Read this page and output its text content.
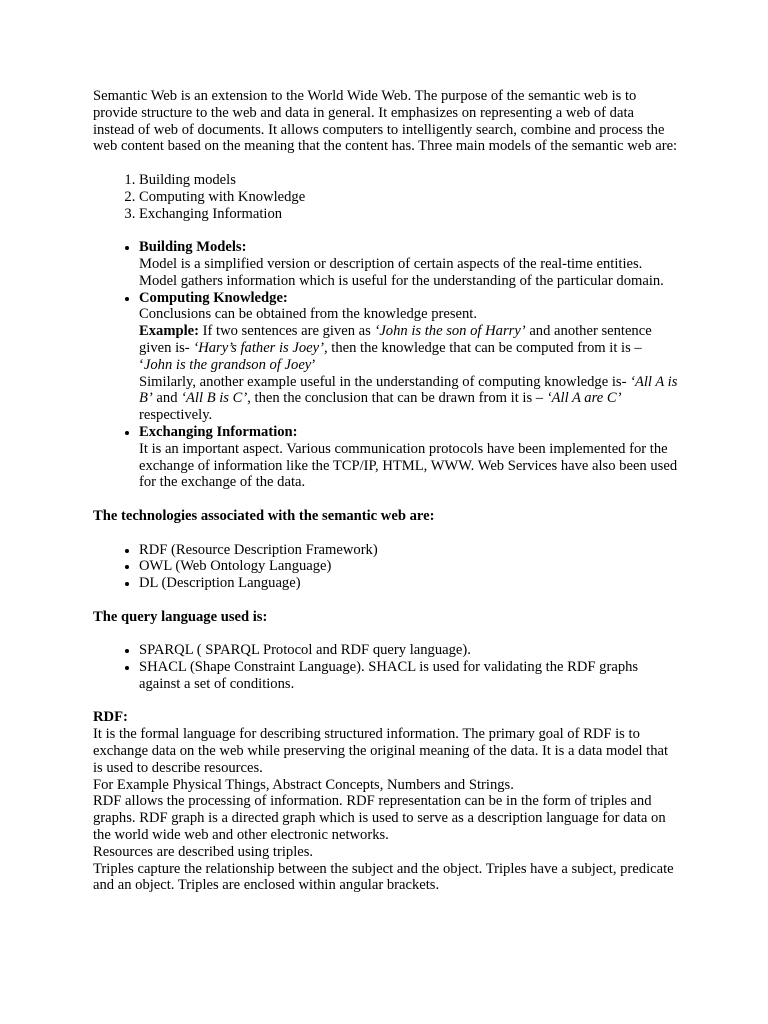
Semantic Web is an extension to the World Wide Web. The purpose of the semantic web is to provide structure to the web and data in general. It emphasizes on representing a web of data instead of web of documents. It allows computers to intelligently search, combine and process the web content based on the meaning that the content has. Three main models of the semantic web are:

1. Building models
2. Computing with Knowledge
3. Exchanging Information
• Building Models:
Model is a simplified version or description of certain aspects of the real-time entities. Model gathers information which is useful for the understanding of the particular domain.
• Computing Knowledge:
Conclusions can be obtained from the knowledge present.
Example: If two sentences are given as ‘John is the son of Harry’ and another sentence given is- ‘Hary’s father is Joey’, then the knowledge that can be computed from it is – ‘John is the grandson of Joey’
Similarly, another example useful in the understanding of computing knowledge is- ‘All A is B’ and ‘All B is C’, then the conclusion that can be drawn from it is – ‘All A are C’ respectively.
• Exchanging Information:
It is an important aspect. Various communication protocols have been implemented for the exchange of information like the TCP/IP, HTML, WWW. Web Services have also been used for the exchange of the data.

The technologies associated with the semantic web are:

• RDF (Resource Description Framework)
• OWL (Web Ontology Language)
• DL (Description Language)

The query language used is:

• SPARQL ( SPARQL Protocol and RDF query language).
• SHACL (Shape Constraint Language). SHACL is used for validating the RDF graphs against a set of conditions.

RDF:

It is the formal language for describing structured information. The primary goal of RDF is to exchange data on the web while preserving the original meaning of the data. It is a data model that is used to describe resources.

For Example Physical Things, Abstract Concepts, Numbers and Strings.

RDF allows the processing of information. RDF representation can be in the form of triples and graphs. RDF graph is a directed graph which is used to serve as a description language for data on the world wide web and other electronic networks.

Resources are described using triples.

Triples capture the relationship between the subject and the object. Triples have a subject, predicate and an object. Triples are enclosed within angular brackets.
